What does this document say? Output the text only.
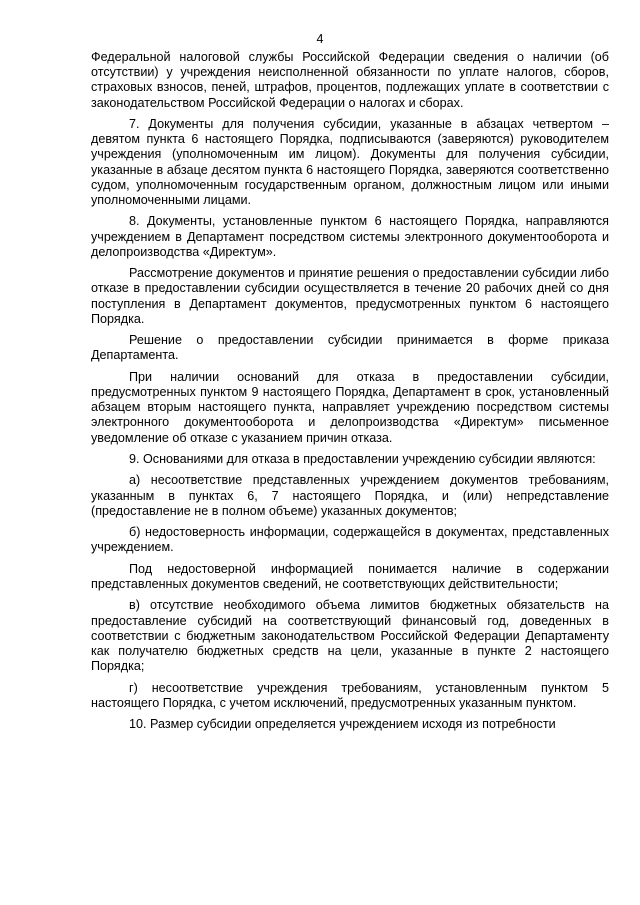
4

Федеральной налоговой службы Российской Федерации сведения о наличии (об отсутствии) у учреждения неисполненной обязанности по уплате налогов, сборов, страховых взносов, пеней, штрафов, процентов, подлежащих уплате в соответствии с законодательством Российской Федерации о налогах и сборах.

7. Документы для получения субсидии, указанные в абзацах четвертом – девятом пункта 6 настоящего Порядка, подписываются (заверяются) руководителем учреждения (уполномоченным им лицом). Документы для получения субсидии, указанные в абзаце десятом пункта 6 настоящего Порядка, заверяются соответственно судом, уполномоченным государственным органом, должностным лицом или иными уполномоченными лицами.

8. Документы, установленные пунктом 6 настоящего Порядка, направляются учреждением в Департамент посредством системы электронного документооборота и делопроизводства «Директум».

Рассмотрение документов и принятие решения о предоставлении субсидии либо отказе в предоставлении субсидии осуществляется в течение 20 рабочих дней со дня поступления в Департамент документов, предусмотренных пунктом 6 настоящего Порядка.

Решение о предоставлении субсидии принимается в форме приказа Департамента.

При наличии оснований для отказа в предоставлении субсидии, предусмотренных пунктом 9 настоящего Порядка, Департамент в срок, установленный абзацем вторым настоящего пункта, направляет учреждению посредством системы электронного документооборота и делопроизводства «Директум» письменное уведомление об отказе с указанием причин отказа.

9. Основаниями для отказа в предоставлении учреждению субсидии являются:

а) несоответствие представленных учреждением документов требованиям, указанным в пунктах 6, 7 настоящего Порядка, и (или) непредставление (предоставление не в полном объеме) указанных документов;

б) недостоверность информации, содержащейся в документах, представленных учреждением.

Под недостоверной информацией понимается наличие в содержании представленных документов сведений, не соответствующих действительности;

в) отсутствие необходимого объема лимитов бюджетных обязательств на предоставление субсидий на соответствующий финансовый год, доведенных в соответствии с бюджетным законодательством Российской Федерации Департаменту как получателю бюджетных средств на цели, указанные в пункте 2 настоящего Порядка;

г) несоответствие учреждения требованиям, установленным пунктом 5 настоящего Порядка, с учетом исключений, предусмотренных указанным пунктом.

10. Размер субсидии определяется учреждением исходя из потребности
